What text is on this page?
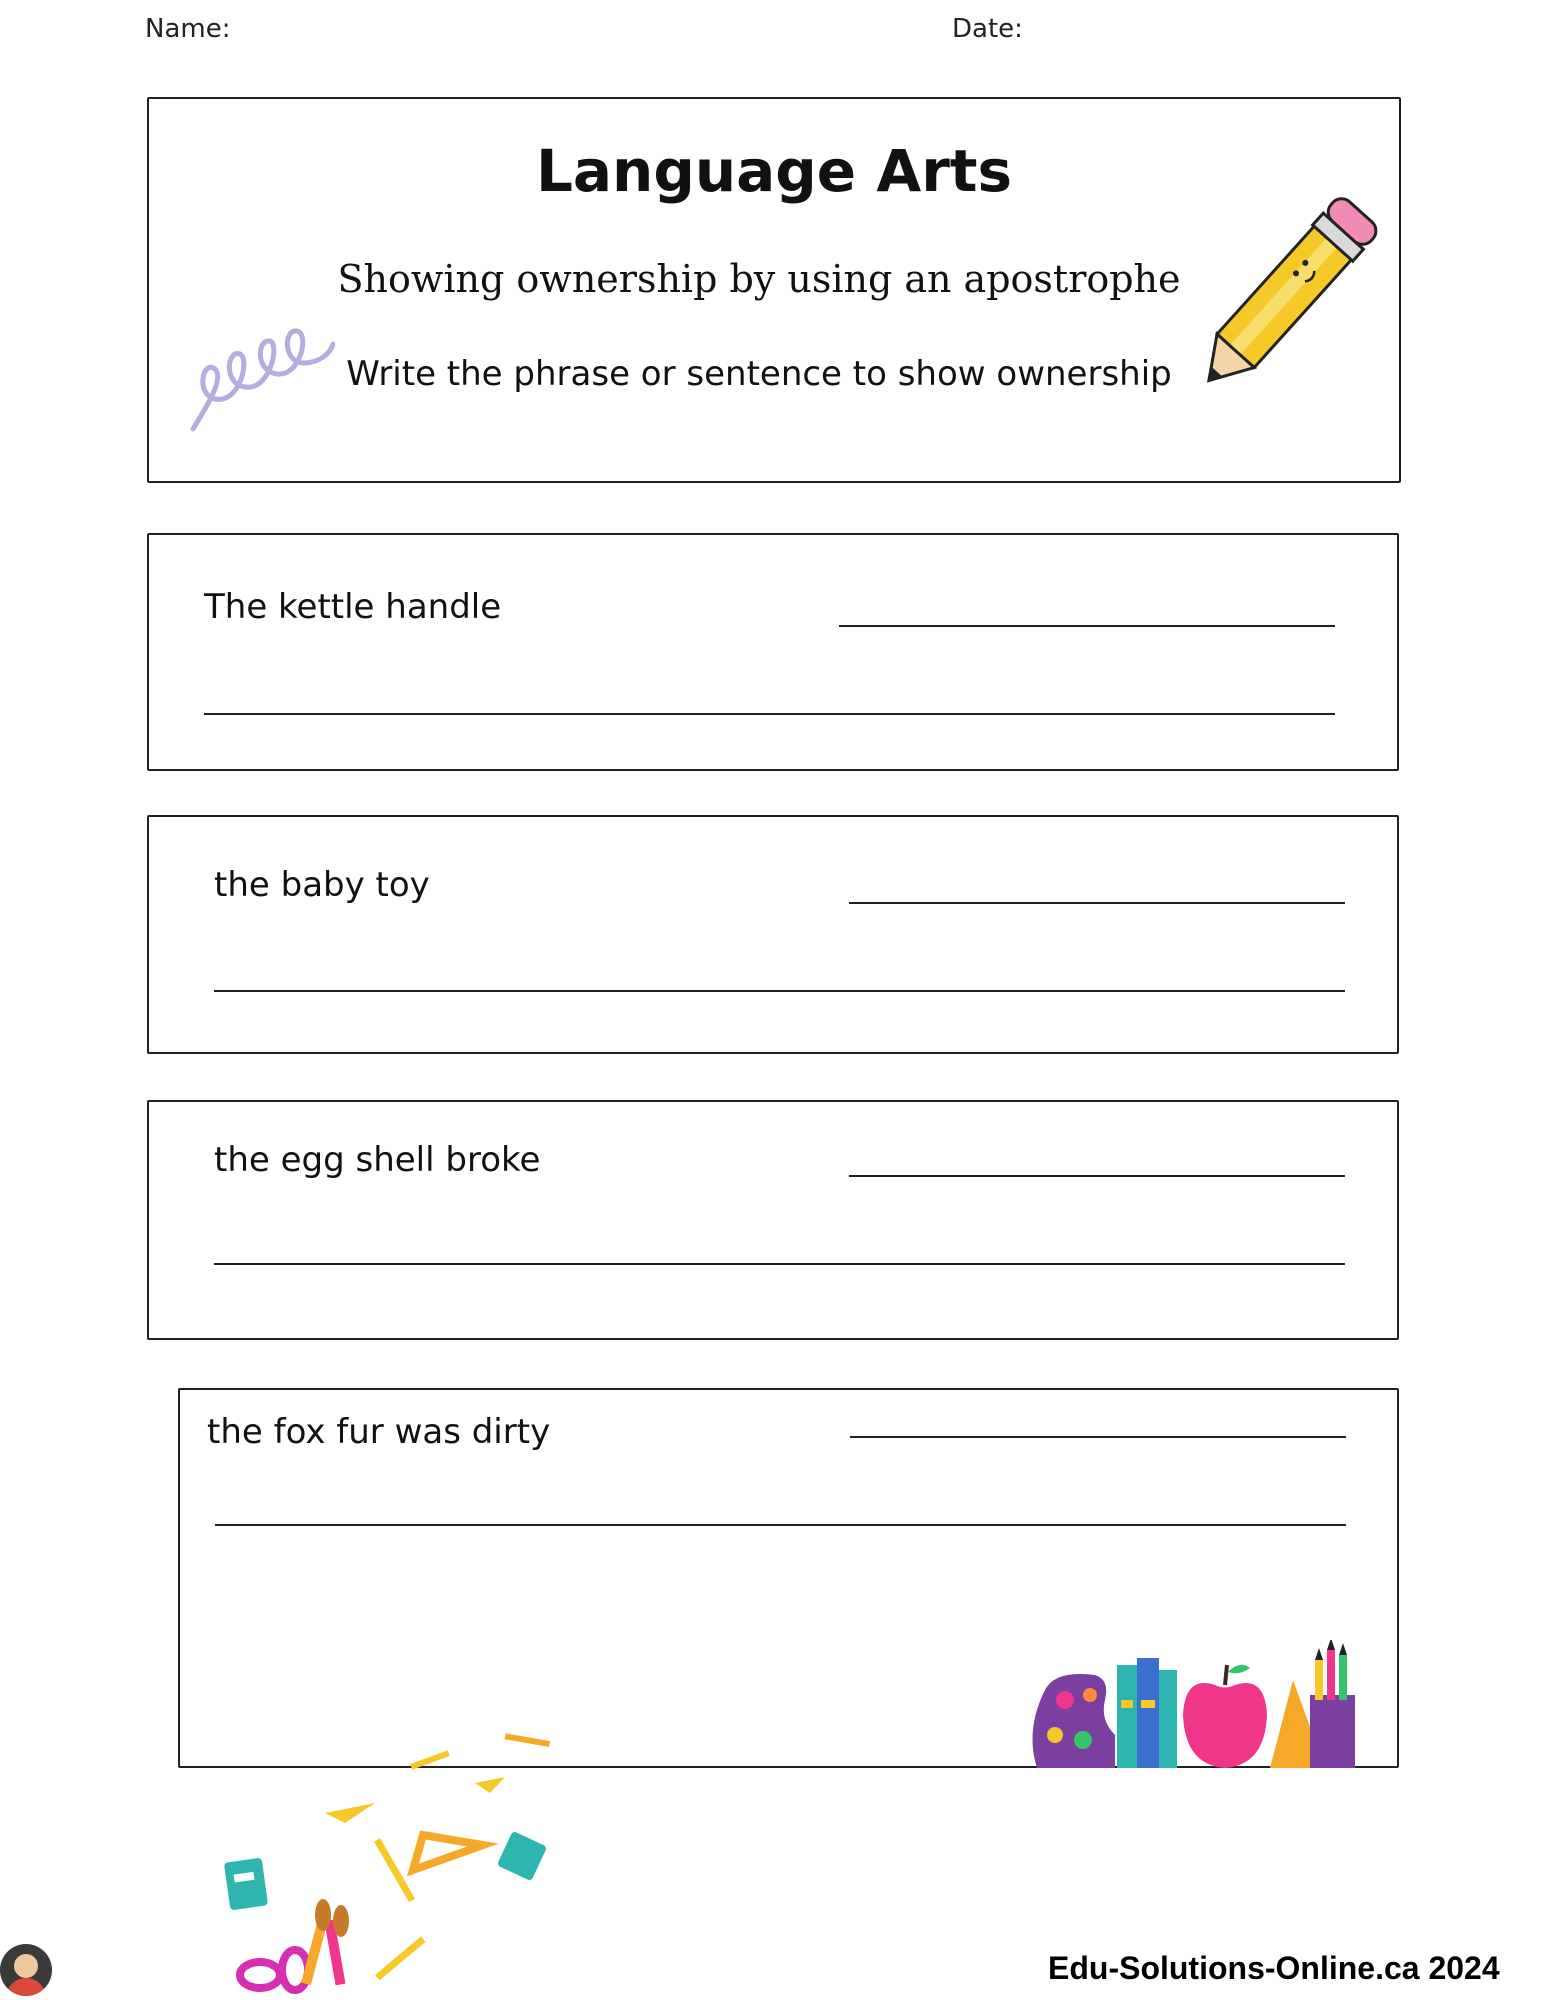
Name:	Date:
Language Arts
Showing ownership by using an apostrophe
Write the phrase or sentence to show ownership
The kettle handle
the baby toy
the egg shell broke
the fox fur was dirty
Edu-Solutions-Online.ca 2024
